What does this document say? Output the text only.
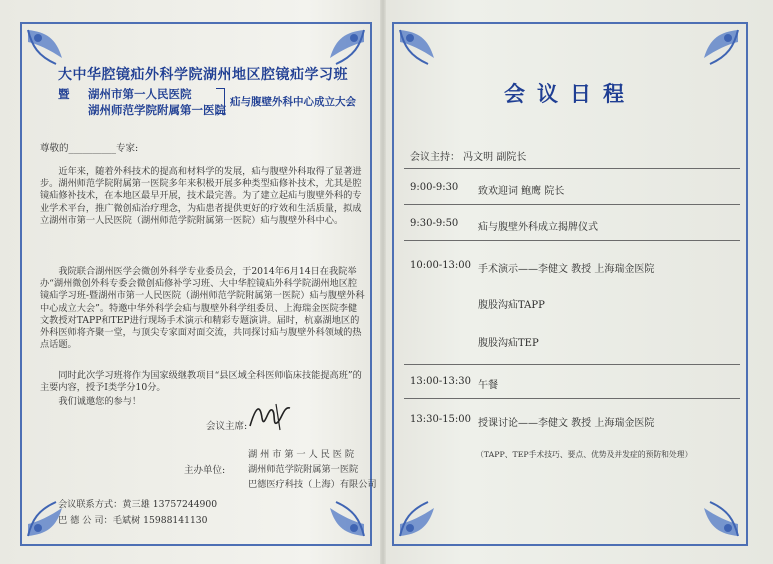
大中华腔镜疝外科学院湖州地区腔镜疝学习班
暨 湖州市第一人民医院
湖州师范学院附属第一医院
疝与腹壁外科中心成立大会
尊敬的__________专家:
近年来，随着外科技术的提高和材料学的发展，疝与腹壁外科取得了显著进步。湖州师范学院附属第一医院多年来积极开展多种类型疝修补技术，尤其是腔镜疝修补技术，在本地区最早开展，技术最完善。为了建立起疝与腹壁外科的专业学术平台，推广微创疝治疗理念，为疝患者提供更好的疗效和生活质量，拟成立湖州市第一人民医院（湖州师范学院附属第一医院）疝与腹壁外科中心。
我院联合湖州医学会微创外科学专业委员会，于2014年6月14日在我院举办“湖州微创外科专委会微创疝修补学习班、大中华腔镜疝外科学院湖州地区腔镜疝学习班-暨湖州市第一人民医院（湖州师范学院附属第一医院）疝与腹壁外科中心成立大会”。特邀中华外科学会疝与腹壁外科学组委员、上海瑞金医院李健文教授对TAPP和TEP进行现场手术演示和精彩专题演讲。届时，杭嘉湖地区的外科医师将齐聚一堂，与顶尖专家面对面交流，共同探讨疝与腹壁外科领域的热点话题。
同时此次学习班将作为国家级继教项目“县区域全科医师临床技能提高班”的主要内容，授予Ⅰ类学分10分。
我们诚邀您的参与！
会议主席:
主办单位:
湖 州 市 第 一 人 民 医 院
湖州师范学院附属第一医院
巴德医疗科技（上海）有限公司
会议联系方式：黄三雄 13757244900
巴 德 公 司：毛斌树 15988141130
会议日程
会议主持： 冯文明 副院长
9:00-9:30 致欢迎词 鲍鹰 院长
9:30-9:50 疝与腹壁外科成立揭牌仪式
10:00-13:00 手术演示——李健文 教授 上海瑞金医院
腹股沟疝TAPP
腹股沟疝TEP
13:00-13:30 午餐
13:30-15:00 授课讨论——李健文 教授 上海瑞金医院
（TAPP、TEP手术技巧、要点、优势及并发症的预防和处理）
